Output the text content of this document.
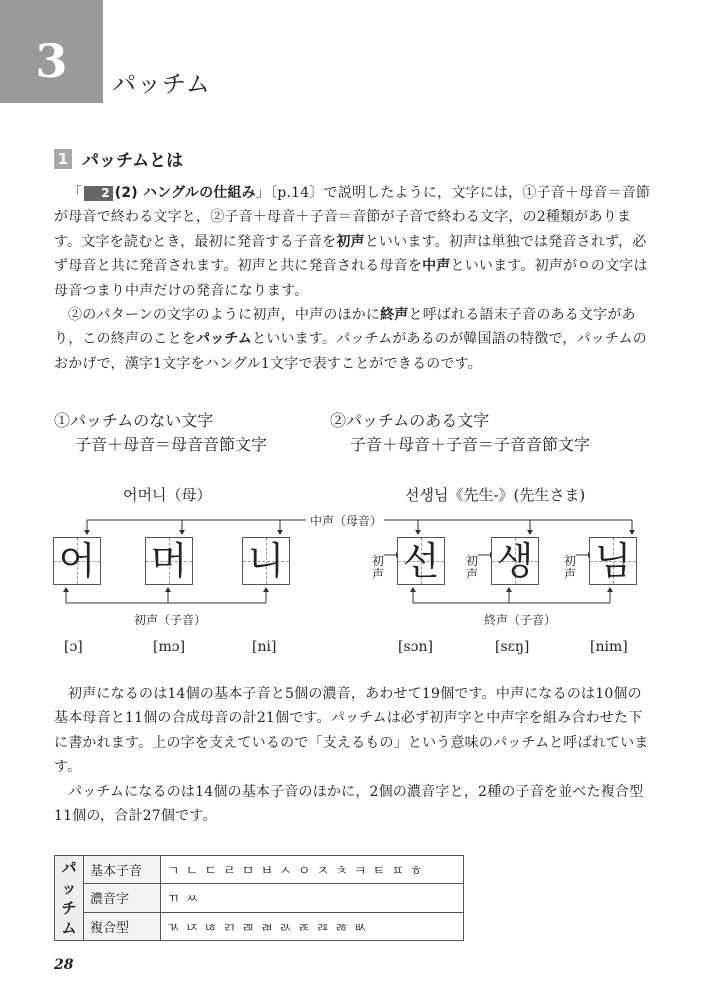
3 パッチム
1 パッチムとは

「 2 (2) ハングルの仕組み」〔p.14〕で説明したように，文字には，①子音＋母音＝音節が母音で終わる文字と，②子音＋母音＋子音＝音節が子音で終わる文字，の2種類があります。文字を読むとき，最初に発音する子音を初声といいます。初声は単独では発音されず，必ず母音と共に発音されます。初声と共に発音される母音を中声といいます。初声がㅇの文字は母音つまり中声だけの発音になります。

②のパターンの文字のように初声，中声のほかに終声と呼ばれる語末子音のある文字があり，この終声のことをパッチムといいます。パッチムがあるのが韓国語の特徴で，パッチムのおかげで，漢字1文字をハングル1文字で表すことができるのです。

①パッチムのない文字
子音＋母音＝母音音節文字
②パッチムのある文字
子音＋母音＋子音＝子音音節文字
어머니（母）	선생님《先生-》(先生さま)
中声（母音）
初声（子音）	終声（子音）
어 머 니	선 생 님
初声
初声
初声
[ɔ]	[mɔ]	[ni]	[sɔn]	[sɛŋ]	[nim]

初声になるのは14個の基本子音と5個の濃音，あわせて19個です。中声になるのは10個の基本母音と11個の合成母音の計21個です。パッチムは必ず初声字と中声字を組み合わせた下に書かれます。上の字を支えているので「支えるもの」という意味のパッチムと呼ばれています。

パッチムになるのは14個の基本子音のほかに，2個の濃音字と，2種の子音を並べた複合型11個の，合計27個です。

パ
ッ
チ
ム	基本子音	ㄱ ㄴ ㄷ ㄹ ㅁ ㅂ ㅅ ㅇ ㅈ ㅊ ㅋ ㅌ ㅍ ㅎ
	濃音字	ㄲ ㅆ
	複合型	ㄳ ㄵ ㄶ ㄺ ㄻ ㄼ ㄽ ㄾ ㄿ ㅀ ㅄ
28
